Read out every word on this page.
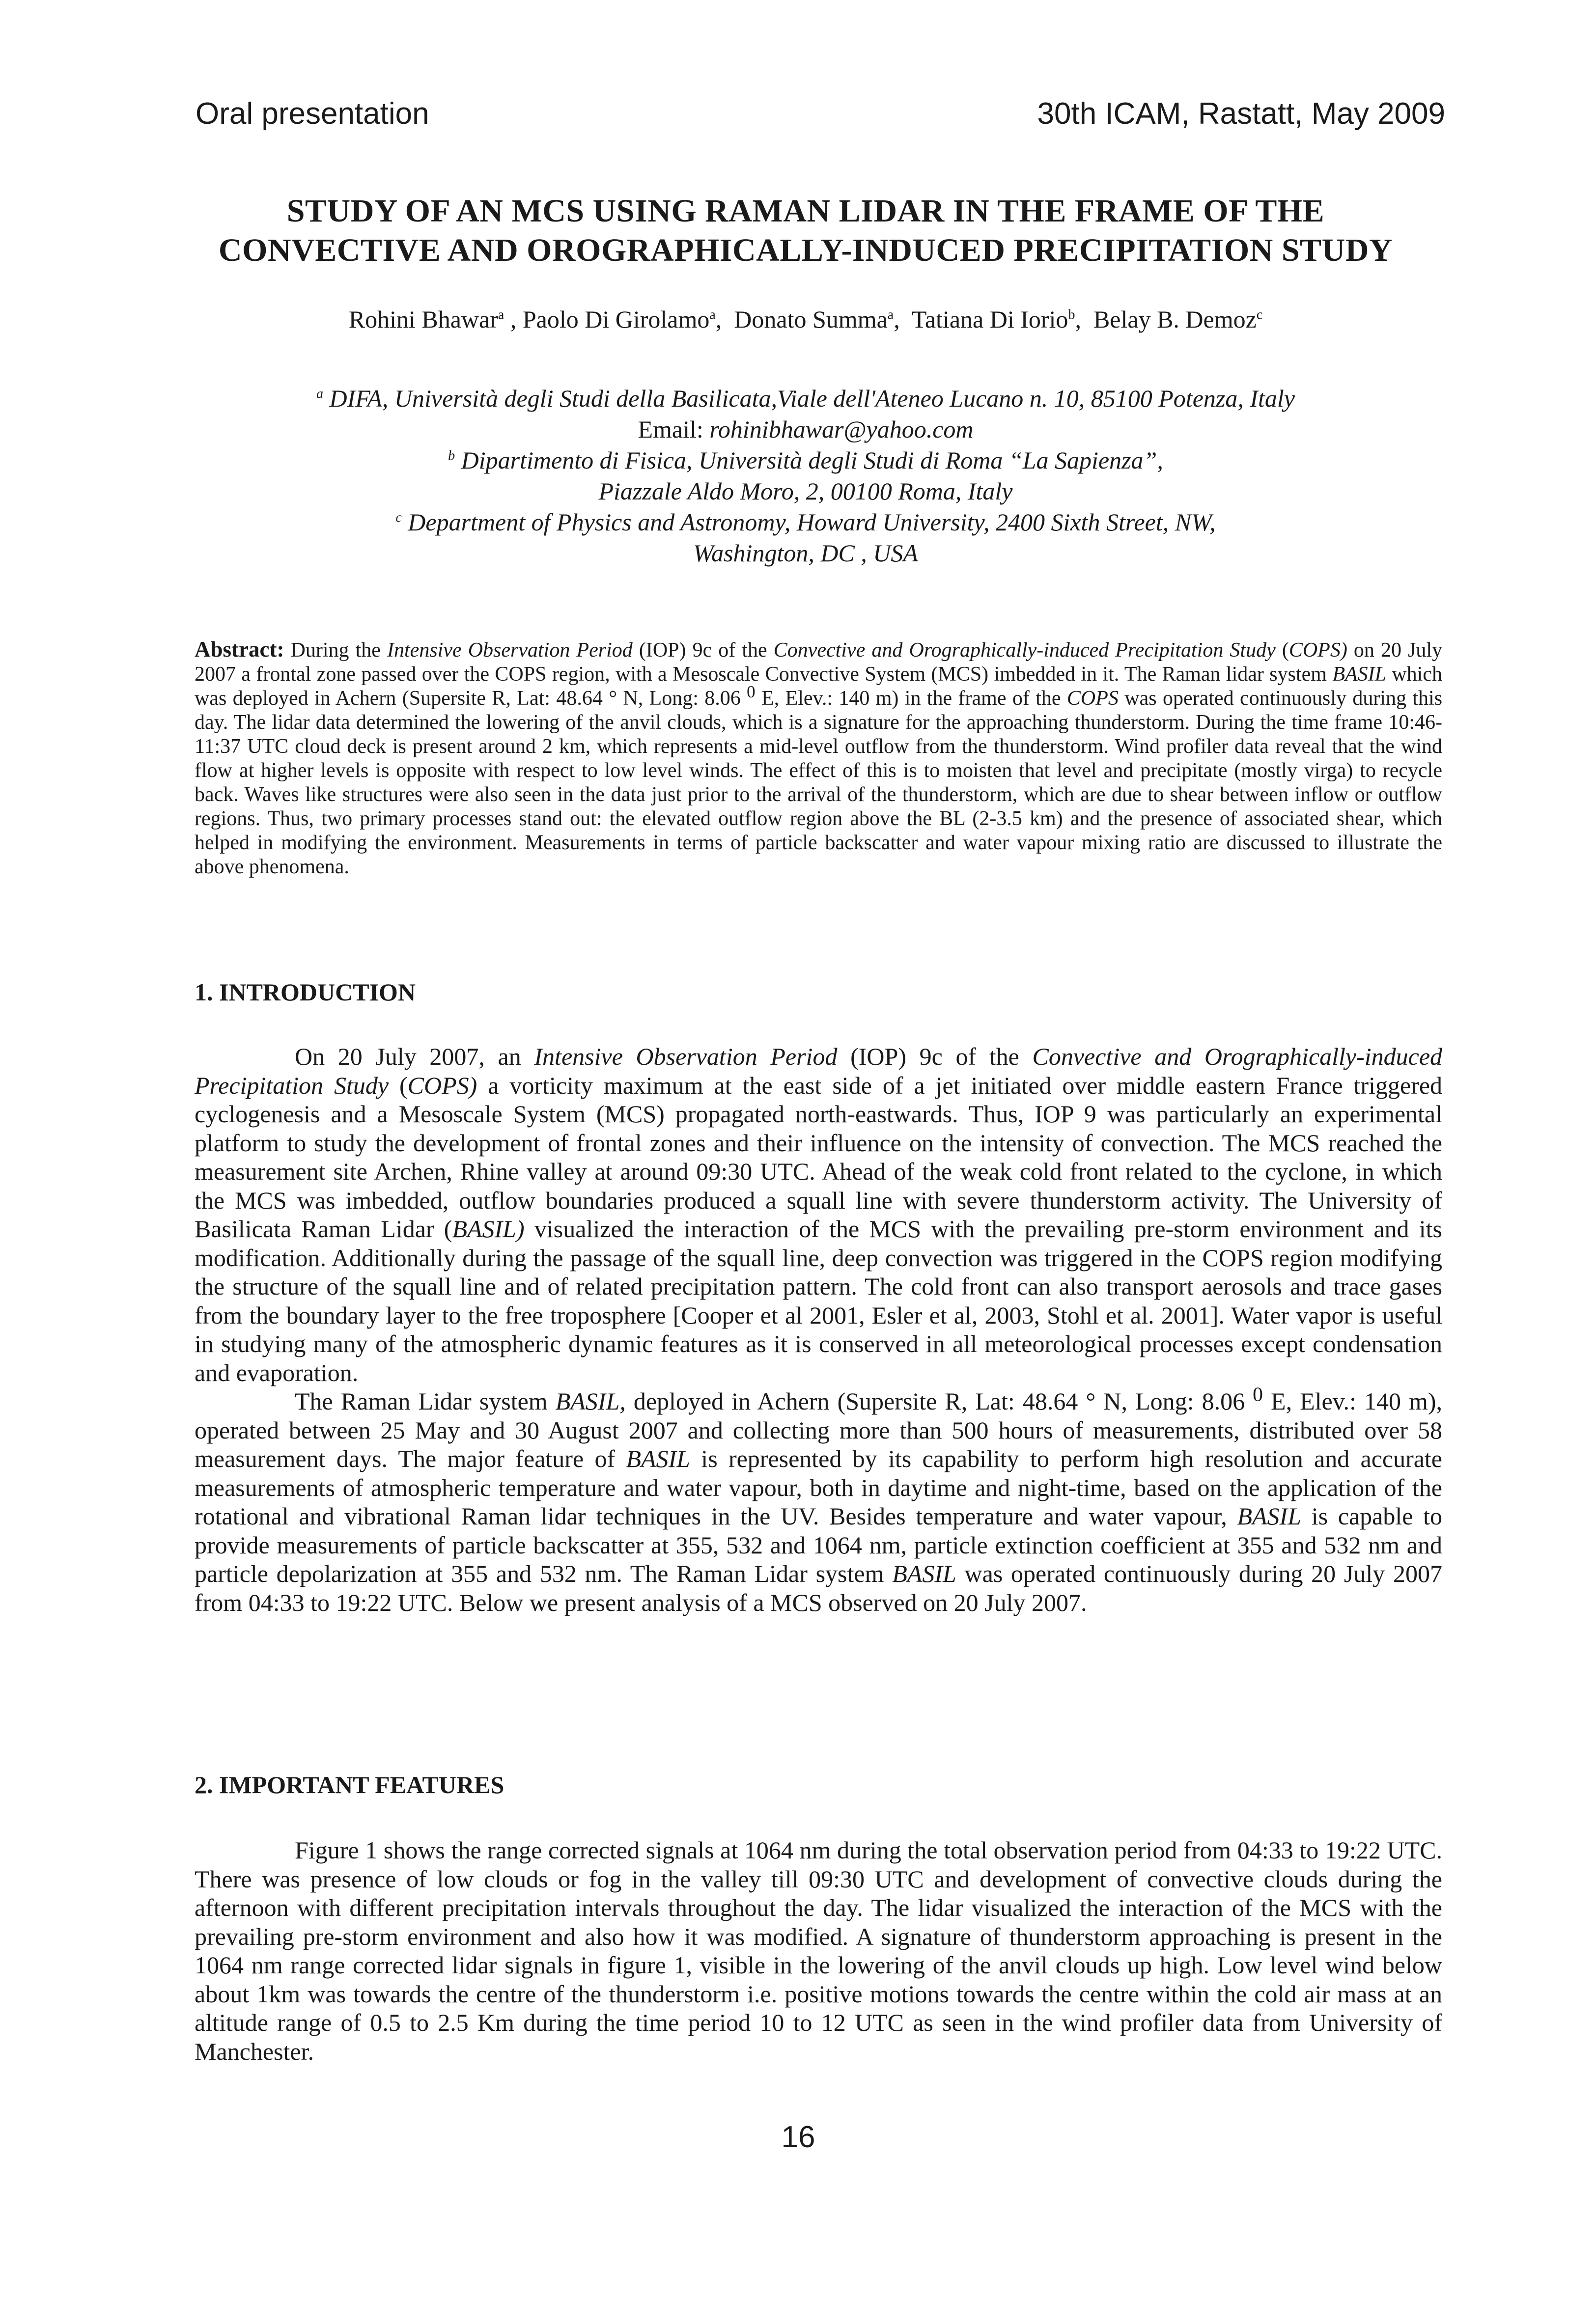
Oral presentation	30th ICAM, Rastatt, May 2009
STUDY OF AN MCS USING RAMAN LIDAR IN THE FRAME OF THE
CONVECTIVE AND OROGRAPHICALLY-INDUCED PRECIPITATION STUDY
Rohini Bhawar$^a$ , Paolo Di Girolamo$^a$,  Donato Summa$^a$,  Tatiana Di Iorio$^b$,  Belay B. Demoz$^c$
$^a$ DIFA, Università degli Studi della Basilicata,Viale dell'Ateneo Lucano n. 10, 85100 Potenza, Italy
Email: rohinibhawar@yahoo.com
$^b$ Dipartimento di Fisica, Università degli Studi di Roma “La Sapienza”,
Piazzale Aldo Moro, 2, 00100 Roma, Italy
$^c$ Department of Physics and Astronomy, Howard University, 2400 Sixth Street, NW,
Washington, DC , USA
Abstract: During the Intensive Observation Period (IOP) 9c of the Convective and Orographically-induced Precipitation Study (COPS) on 20 July 2007 a frontal zone passed over the COPS region, with a Mesoscale Convective System (MCS) imbedded in it. The Raman lidar system BASIL which was deployed in Achern (Supersite R, Lat: 48.64 ° N, Long: 8.06 $^0$ E, Elev.: 140 m) in the frame of the COPS was operated continuously during this day. The lidar data determined the lowering of the anvil clouds, which is a signature for the approaching thunderstorm. During the time frame 10:46-11:37 UTC cloud deck is present around 2 km, which represents a mid-level outflow from the thunderstorm. Wind profiler data reveal that the wind flow at higher levels is opposite with respect to low level winds. The effect of this is to moisten that level and precipitate (mostly virga) to recycle back. Waves like structures were also seen in the data just prior to the arrival of the thunderstorm, which are due to shear between inflow or outflow regions. Thus, two primary processes stand out: the elevated outflow region above the BL (2-3.5 km) and the presence of associated shear, which helped in modifying the environment. Measurements in terms of particle backscatter and water vapour mixing ratio are discussed to illustrate the above phenomena.
1. INTRODUCTION

On 20 July 2007, an Intensive Observation Period (IOP) 9c of the Convective and Orographically-induced Precipitation Study (COPS) a vorticity maximum at the east side of a jet initiated over middle eastern France triggered cyclogenesis and a Mesoscale System (MCS) propagated north-eastwards. Thus, IOP 9 was particularly an experimental platform to study the development of frontal zones and their influence on the intensity of convection. The MCS reached the measurement site Archen, Rhine valley at around 09:30 UTC. Ahead of the weak cold front related to the cyclone, in which the MCS was imbedded, outflow boundaries produced a squall line with severe thunderstorm activity. The University of Basilicata Raman Lidar (BASIL) visualized the interaction of the MCS with the prevailing pre-storm environment and its modification. Additionally during the passage of the squall line, deep convection was triggered in the COPS region modifying the structure of the squall line and of related precipitation pattern. The cold front can also transport aerosols and trace gases from the boundary layer to the free troposphere [Cooper et al 2001, Esler et al, 2003, Stohl et al. 2001]. Water vapor is useful in studying many of the atmospheric dynamic features as it is conserved in all meteorological processes except condensation and evaporation.

The Raman Lidar system BASIL, deployed in Achern (Supersite R, Lat: 48.64 ° N, Long: 8.06 $^0$ E, Elev.: 140 m), operated between 25 May and 30 August 2007 and collecting more than 500 hours of measurements, distributed over 58 measurement days. The major feature of BASIL is represented by its capability to perform high resolution and accurate measurements of atmospheric temperature and water vapour, both in daytime and night-time, based on the application of the rotational and vibrational Raman lidar techniques in the UV. Besides temperature and water vapour, BASIL is capable to provide measurements of particle backscatter at 355, 532 and 1064 nm, particle extinction coefficient at 355 and 532 nm and particle depolarization at 355 and 532 nm. The Raman Lidar system BASIL was operated continuously during 20 July 2007 from 04:33 to 19:22 UTC. Below we present analysis of a MCS observed on 20 July 2007.

2. IMPORTANT FEATURES

Figure 1 shows the range corrected signals at 1064 nm during the total observation period from 04:33 to 19:22 UTC. There was presence of low clouds or fog in the valley till 09:30 UTC and development of convective clouds during the afternoon with different precipitation intervals throughout the day. The lidar visualized the interaction of the MCS with the prevailing pre-storm environment and also how it was modified. A signature of thunderstorm approaching is present in the 1064 nm range corrected lidar signals in figure 1, visible in the lowering of the anvil clouds up high. Low level wind below about 1km was towards the centre of the thunderstorm i.e. positive motions towards the centre within the cold air mass at an altitude range of 0.5 to 2.5 Km during the time period 10 to 12 UTC as seen in the wind profiler data from University of Manchester.

16
